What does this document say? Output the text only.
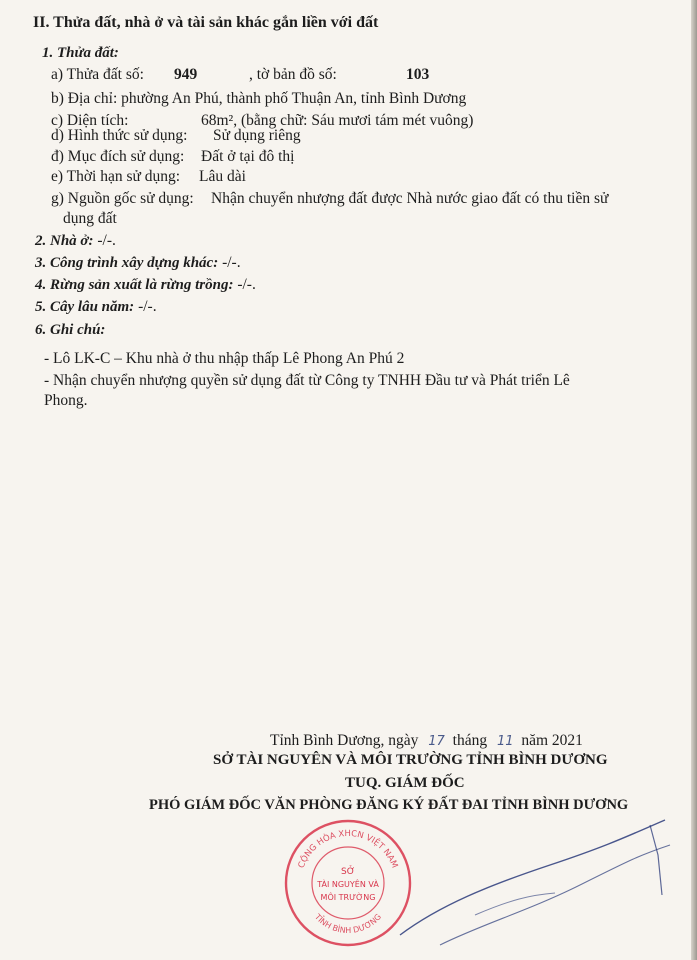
II. Thửa đất, nhà ở và tài sản khác gắn liền với đất
1. Thửa đất:
a) Thửa đất số: 949	, tờ bản đồ số:	103
b) Địa chỉ: phường An Phú, thành phố Thuận An, tỉnh Bình Dương
c) Diện tích:	68m², (bằng chữ: Sáu mươi tám mét vuông)
d) Hình thức sử dụng: Sử dụng riêng
đ) Mục đích sử dụng: Đất ở tại đô thị
e) Thời hạn sử dụng: Lâu dài
g) Nguồn gốc sử dụng: Nhận chuyển nhượng đất được Nhà nước giao đất có thu tiền sử
dụng đất
2. Nhà ở: -/-.
3. Công trình xây dựng khác: -/-.
4. Rừng sản xuất là rừng trồng: -/-.
5. Cây lâu năm: -/-.
6. Ghi chú:
- Lô LK-C – Khu nhà ở thu nhập thấp Lê Phong An Phú 2
- Nhận chuyển nhượng quyền sử dụng đất từ Công ty TNHH Đầu tư và Phát triển Lê
Phong.
Tỉnh Bình Dương, ngày 17 tháng 11 năm 2021
SỞ TÀI NGUYÊN VÀ MÔI TRƯỜNG TỈNH BÌNH DƯƠNG
TUQ. GIÁM ĐỐC
PHÓ GIÁM ĐỐC VĂN PHÒNG ĐĂNG KÝ ĐẤT ĐAI TỈNH BÌNH DƯƠNG
CỘNG HÒA XHCN VIỆT NAM
TỈNH BÌNH DƯƠNG
SỞ
TÀI NGUYÊN VÀ
MÔI TRƯỜNG
